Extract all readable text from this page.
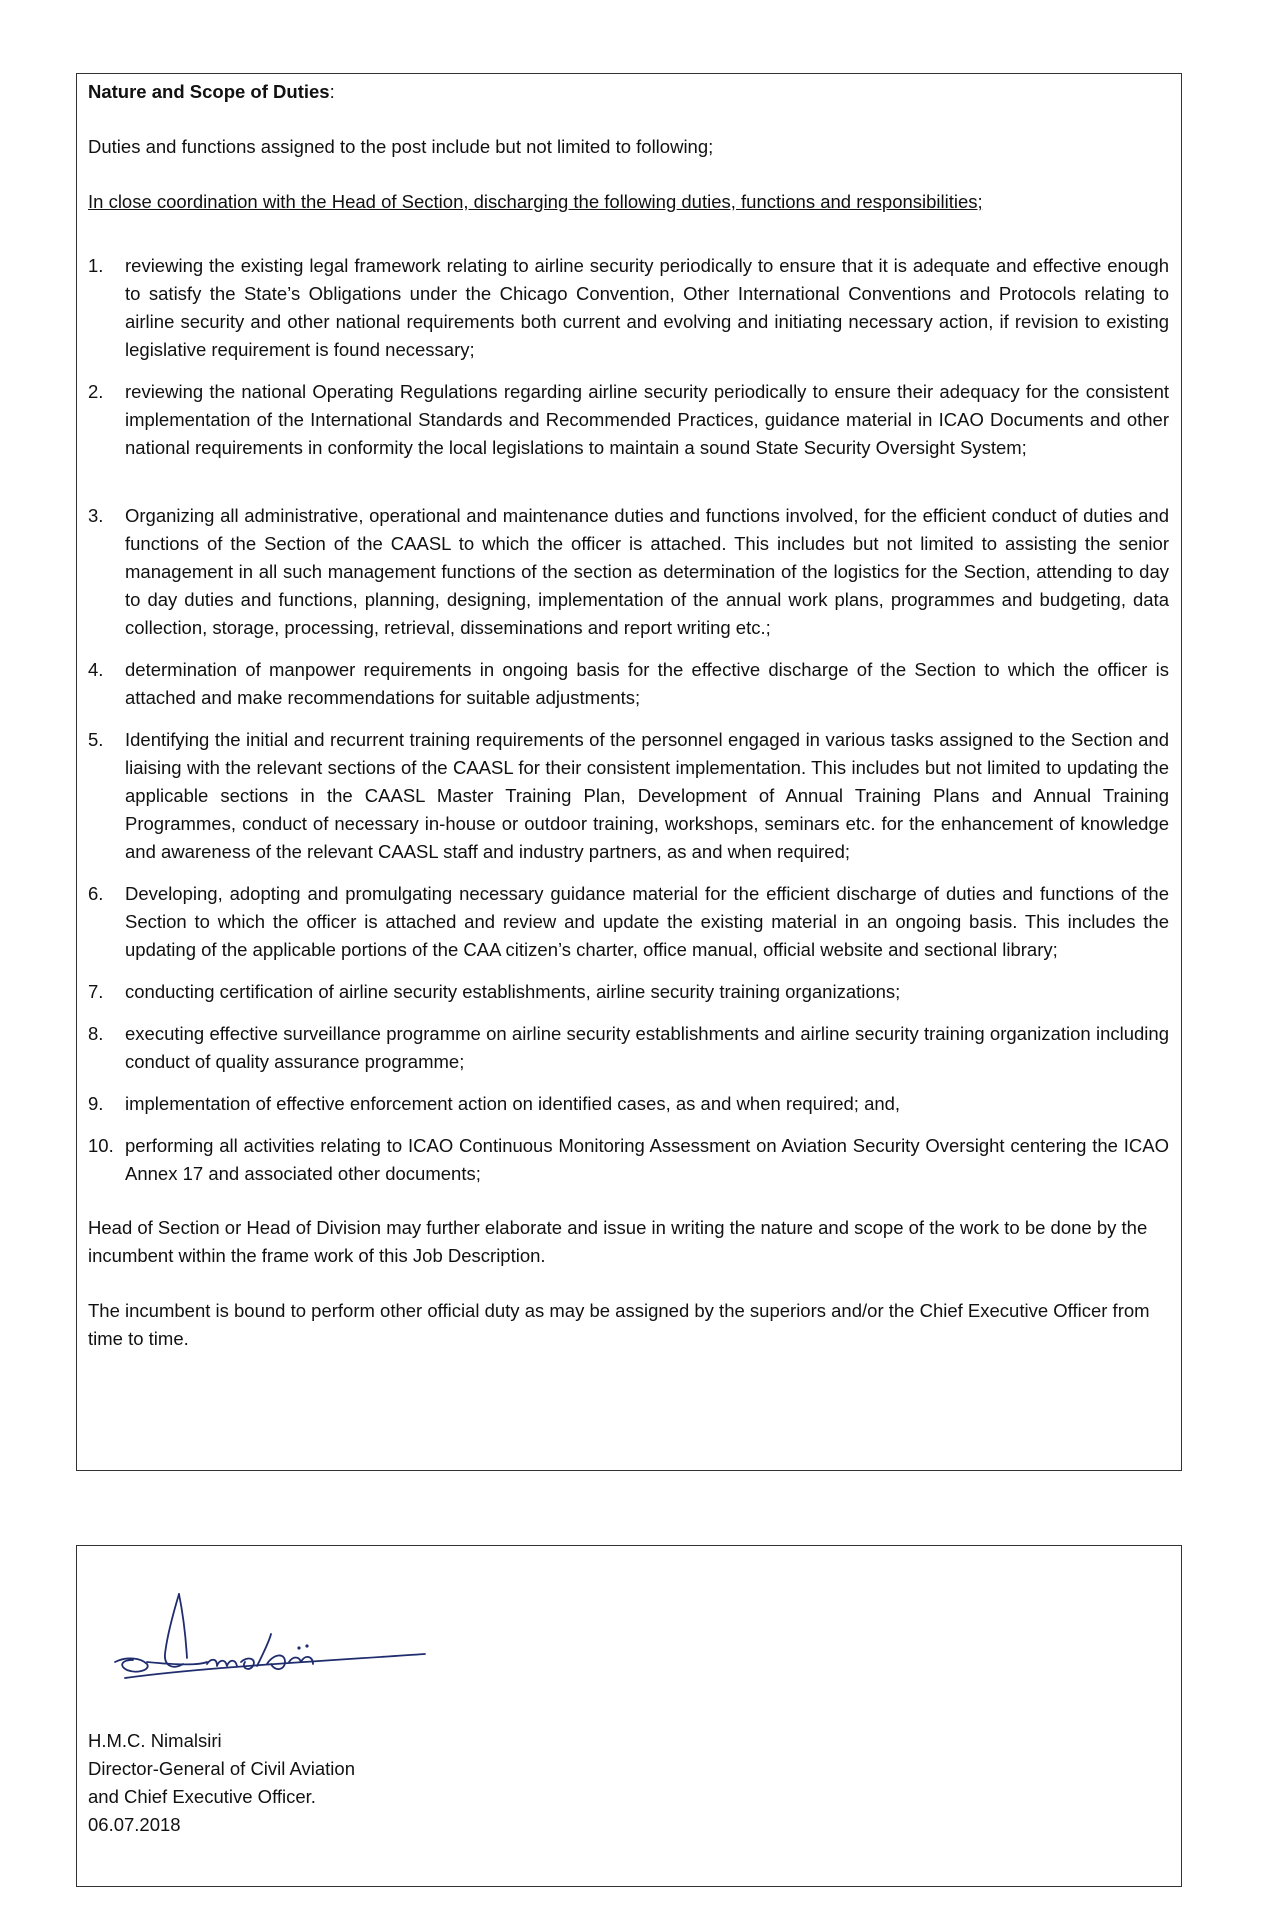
Nature and Scope of Duties:

Duties and functions assigned to the post include but not limited to following;

In close coordination with the Head of Section, discharging the following duties, functions and responsibilities;

1.	reviewing the existing legal framework relating to airline security periodically to ensure that it is adequate and effective enough to satisfy the State’s Obligations under the Chicago Convention, Other International Conventions and Protocols relating to airline security and other national requirements both current and evolving and initiating necessary action, if revision to existing legislative requirement is found necessary;
2.	reviewing the national Operating Regulations regarding airline security periodically to ensure their adequacy for the consistent implementation of the International Standards and Recommended Practices, guidance material in ICAO Documents and other national requirements in conformity the local legislations to maintain a sound State Security Oversight System;
3.	Organizing all administrative, operational and maintenance duties and functions involved, for the efficient conduct of duties and functions of the Section of the CAASL to which the officer is attached. This includes but not limited to assisting the senior management in all such management functions of the section as determination of the logistics for the Section, attending to day to day duties and functions, planning, designing, implementation of the annual work plans, programmes and budgeting, data collection, storage, processing, retrieval, disseminations and report writing etc.;
4.	determination of manpower requirements in ongoing basis for the effective discharge of the Section to which the officer is attached and make recommendations for suitable adjustments;
5.	Identifying the initial and recurrent training requirements of the personnel engaged in various tasks assigned to the Section and liaising with the relevant sections of the CAASL for their consistent implementation. This includes but not limited to updating the applicable sections in the CAASL Master Training Plan, Development of Annual Training Plans and Annual Training Programmes, conduct of necessary in-house or outdoor training, workshops, seminars etc. for the enhancement of knowledge and awareness of the relevant CAASL staff and industry partners, as and when required;
6.	Developing, adopting and promulgating necessary guidance material for the efficient discharge of duties and functions of the Section to which the officer is attached and review and update the existing material in an ongoing basis. This includes the updating of the applicable portions of the CAA citizen’s charter, office manual, official website and sectional library;
7.	conducting certification of airline security establishments, airline security training organizations;
8.	executing effective surveillance programme on airline security establishments and airline security training organization including conduct of quality assurance programme;
9.	implementation of effective enforcement action on identified cases, as and when required; and,
10. performing all activities relating to ICAO Continuous Monitoring Assessment on Aviation Security Oversight centering the ICAO Annex 17 and associated other documents;

Head of Section or Head of Division may further elaborate and issue in writing the nature and scope of the work to be done by the incumbent within the frame work of this Job Description.

The incumbent is bound to perform other official duty as may be assigned by the superiors and/or the Chief Executive Officer from time to time.

H.M.C. Nimalsiri
Director-General of Civil Aviation
and Chief Executive Officer.
06.07.2018
